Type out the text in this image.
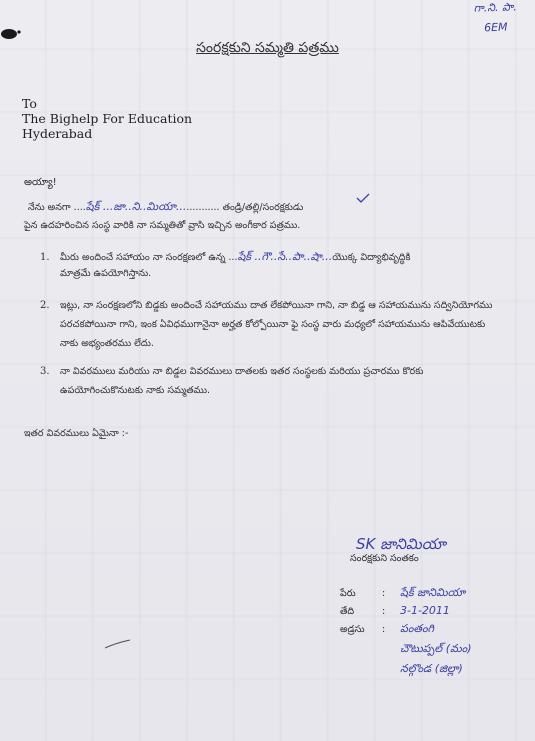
గా.ని. పా.
6EM
సంరక్షకుని సమ్మతి పత్రము
To
The Bighelp For Education
Hyderabad
అయ్యా!
నేను అనగా ....షేక్ ...జా..ని..మియా.............. తండ్రి/తల్లి/సంరక్షకుడు
పైన ఉదహరించిన సంస్థ వారికి నా సమ్మతితో వ్రాసి ఇచ్చిన అంగీకార పత్రము.
1. మీరు అందించే సహాయం నా సంరక్షణలో ఉన్న ...షేక్ ..గౌ..సే..పా..షా...యొక్క విద్యాభివృద్ధికి
మాత్రమే ఉపయోగిస్తాను.
2. ఇట్లు, నా సంరక్షణలోని బిడ్డకు అందించే సహాయము దాత లేకపోయినా గాని, నా బిడ్డ ఆ సహాయమును సద్వినియోగము పరచకపోయినా గాని, ఇంక ఏవిధముగానైనా అర్హత కోల్పోయినా ఫై సంస్థ వారు మధ్యలో సహాయమును ఆపివేయుటకు నాకు అభ్యంతరము లేదు.
3. నా వివరములు మరియు నా బిడ్డల వివరములు దాతలకు ఇతర సంస్థలకు మరియు ప్రచారము కొరకు ఉపయోగించుకొనుటకు నాకు సమ్మతము.
ఇతర వివరములు ఏమైనా :-
SK జానిమియా
సంరక్షకుని సంతకం
పేరు	: షేక్ జానిమియా
తేది	: 3-1-2011
అడ్రసు : పంతంగి
చౌటుప్పల్ (మం)
నల్గొండ (జిల్లా)
